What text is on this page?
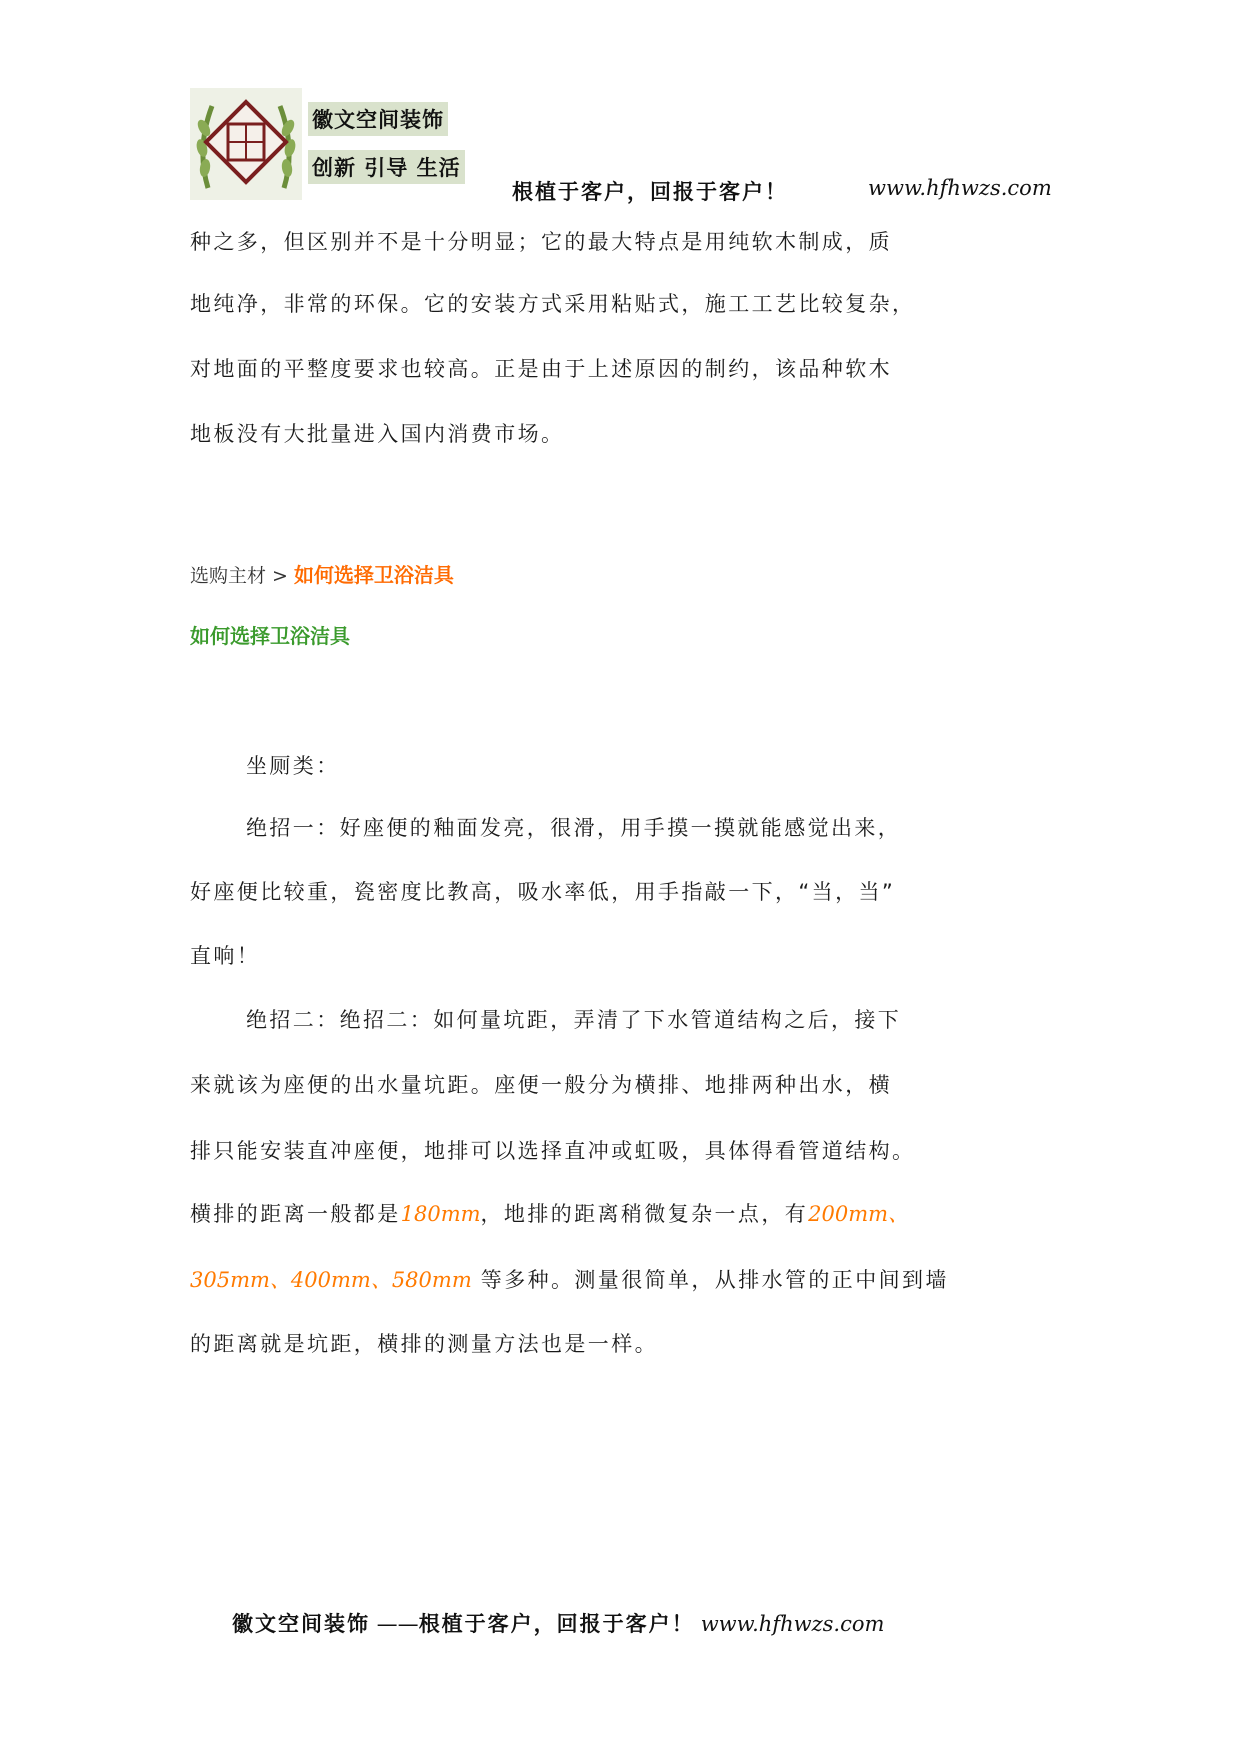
徽文空间装饰
创新 引导 生活
根植于客户，回报于客户！	www.hfhwzs.com
种之多，但区别并不是十分明显；它的最大特点是用纯软木制成，质
地纯净，非常的环保。它的安装方式采用粘贴式，施工工艺比较复杂，
对地面的平整度要求也较高。正是由于上述原因的制约，该品种软木
地板没有大批量进入国内消费市场。
选购主材 > 如何选择卫浴洁具
如何选择卫浴洁具
坐厕类：
绝招一：好座便的釉面发亮，很滑，用手摸一摸就能感觉出来，
好座便比较重，瓷密度比教高，吸水率低，用手指敲一下，“当，当”
直响！
绝招二：绝招二：如何量坑距，弄清了下水管道结构之后，接下
来就该为座便的出水量坑距。座便一般分为横排、地排两种出水，横
排只能安装直冲座便，地排可以选择直冲或虹吸，具体得看管道结构。
横排的距离一般都是180mm，地排的距离稍微复杂一点，有200mm、
305mm、400mm、580mm 等多种。测量很简单，从排水管的正中间到墙
的距离就是坑距，横排的测量方法也是一样。
徽文空间装饰 ——根植于客户，回报于客户！ www.hfhwzs.com
